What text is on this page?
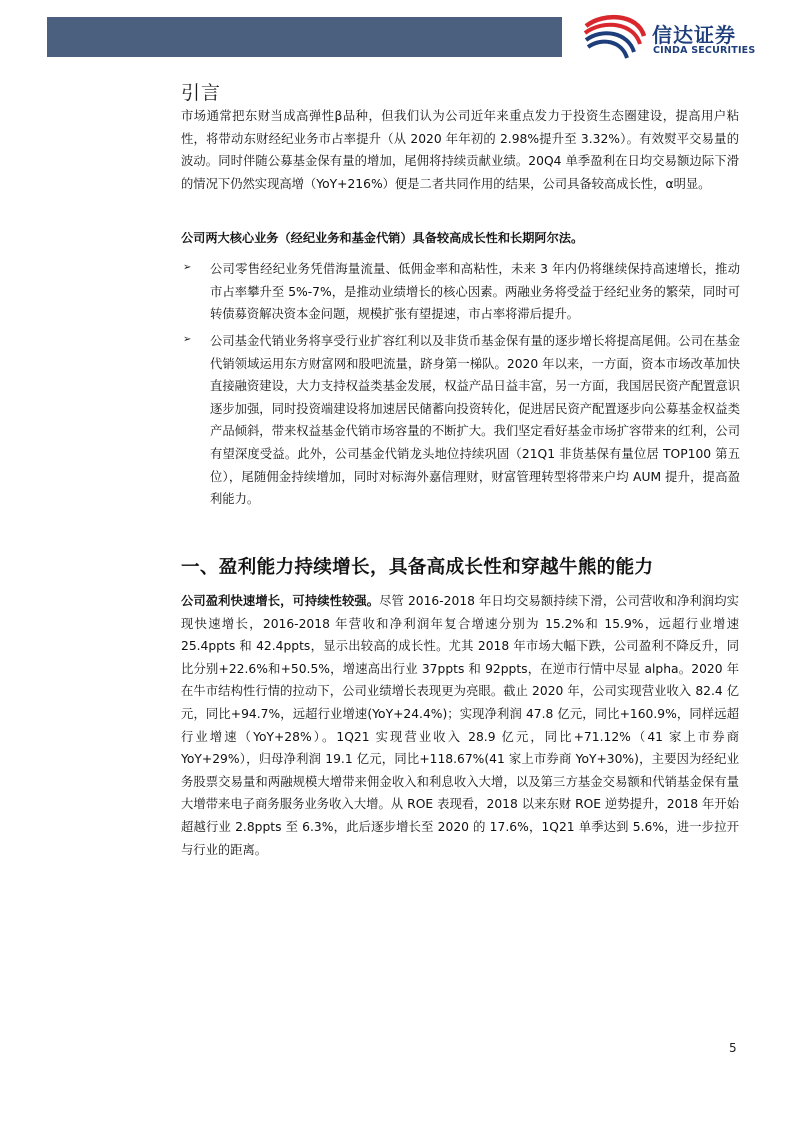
信达证券
CINDA SECURITIES
引言

市场通常把东财当成高弹性β品种，但我们认为公司近年来重点发力于投资生态圈建设，提高用户粘性，将带动东财经纪业务市占率提升（从 2020 年年初的 2.98%提升至 3.32%）。有效熨平交易量的波动。同时伴随公募基金保有量的增加，尾佣将持续贡献业绩。20Q4 单季盈利在日均交易额边际下滑的情况下仍然实现高增（YoY+216%）便是二者共同作用的结果，公司具备较高成长性，α明显。

公司两大核心业务（经纪业务和基金代销）具备较高成长性和长期阿尔法。

➢ 公司零售经纪业务凭借海量流量、低佣金率和高粘性，未来 3 年内仍将继续保持高速增长，推动市占率攀升至 5%-7%，是推动业绩增长的核心因素。两融业务将受益于经纪业务的繁荣，同时可转债募资解决资本金问题，规模扩张有望提速，市占率将滞后提升。

➢ 公司基金代销业务将享受行业扩容红利以及非货币基金保有量的逐步增长将提高尾佣。公司在基金代销领域运用东方财富网和股吧流量，跻身第一梯队。2020 年以来，一方面，资本市场改革加快直接融资建设，大力支持权益类基金发展，权益产品日益丰富，另一方面，我国居民资产配置意识逐步加强，同时投资端建设将加速居民储蓄向投资转化，促进居民资产配置逐步向公募基金权益类产品倾斜，带来权益基金代销市场容量的不断扩大。我们坚定看好基金市场扩容带来的红利，公司有望深度受益。此外，公司基金代销龙头地位持续巩固（21Q1 非货基保有量位居 TOP100 第五位），尾随佣金持续增加，同时对标海外嘉信理财，财富管理转型将带来户均 AUM 提升，提高盈利能力。

一、盈利能力持续增长，具备高成长性和穿越牛熊的能力

公司盈利快速增长，可持续性较强。尽管 2016-2018 年日均交易额持续下滑，公司营收和净利润均实现快速增长，2016-2018 年营收和净利润年复合增速分别为 15.2%和 15.9%，远超行业增速 25.4ppts 和 42.4ppts，显示出较高的成长性。尤其 2018 年市场大幅下跌，公司盈利不降反升，同比分别+22.6%和+50.5%，增速高出行业 37ppts 和 92ppts，在逆市行情中尽显 alpha。2020 年在牛市结构性行情的拉动下，公司业绩增长表现更为亮眼。截止 2020 年，公司实现营业收入 82.4 亿元，同比+94.7%，远超行业增速(YoY+24.4%)；实现净利润 47.8 亿元，同比+160.9%，同样远超行业增速（YoY+28%）。1Q21 实现营业收入 28.9 亿元，同比+71.12%（41 家上市券商 YoY+29%），归母净利润 19.1 亿元，同比+118.67%(41 家上市券商 YoY+30%)，主要因为经纪业务股票交易量和两融规模大增带来佣金收入和利息收入大增，以及第三方基金交易额和代销基金保有量大增带来电子商务服务业务收入大增。从 ROE 表现看，2018 以来东财 ROE 逆势提升，2018 年开始超越行业 2.8ppts 至 6.3%，此后逐步增长至 2020 的 17.6%，1Q21 单季达到 5.6%，进一步拉开与行业的距离。

5
